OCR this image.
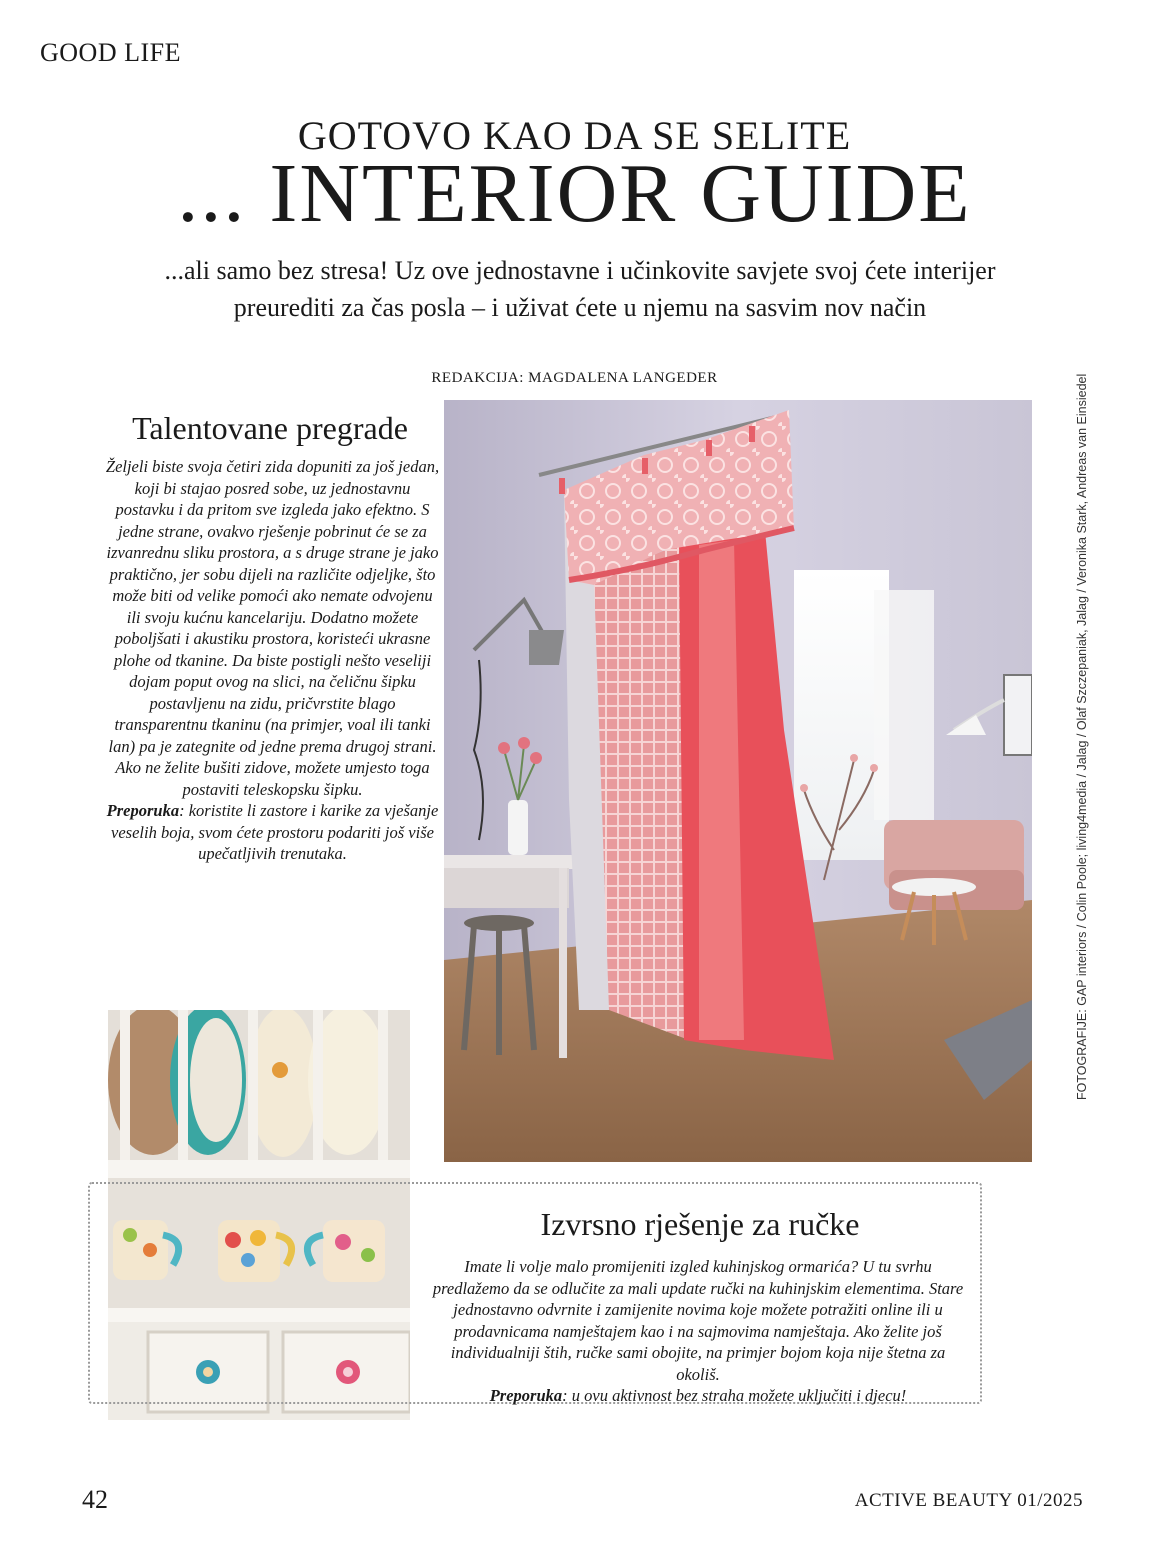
GOOD LIFE
GOTOVO KAO DA SE SELITE
... INTERIOR GUIDE
...ali samo bez stresa! Uz ove jednostavne i učinkovite savjete svoj ćete interijer preurediti za čas posla – i uživat ćete u njemu na sasvim nov način
REDAKCIJA: MAGDALENA LANGEDER
Talentovane pregrade

Željeli biste svoja četiri zida dopuniti za još jedan, koji bi stajao posred sobe, uz jednostavnu postavku i da pritom sve izgleda jako efektno. S jedne strane, ovakvo rješenje pobrinut će se za izvanrednu sliku prostora, a s druge strane je jako praktično, jer sobu dijeli na različite odjeljke, što može biti od velike pomoći ako nemate odvojenu ili svoju kućnu kancelariju. Dodatno možete poboljšati i akustiku prostora, koristeći ukrasne plohe od tkanine. Da biste postigli nešto veseliji dojam poput ovog na slici, na čeličnu šipku postavljenu na zidu, pričvrstite blago transparentnu tkaninu (na primjer, voal ili tanki lan) pa je zategnite od jedne prema drugoj strani. Ako ne želite bušiti zidove, možete umjesto toga postaviti teleskopsku šipku.

Preporuka: koristite li zastore i karike za vješanje veselih boja, svom ćete prostoru podariti još više upečatljivih trenutaka.

Izvrsno rješenje za ručke

Imate li volje malo promijeniti izgled kuhinjskog ormarića? U tu svrhu predlažemo da se odlučite za mali update ručki na kuhinjskim elementima. Stare jednostavno odvrnite i zamijenite novima koje možete potražiti online ili u prodavnicama namještajem kao i na sajmovima namještaja. Ako želite još individualniji štih, ručke sami obojite, na primjer bojom koja nije štetna za okoliš.

Preporuka: u ovu aktivnost bez straha možete uključiti i djecu!

FOTOGRAFIJE: GAP interiors / Colin Poole; living4media / Jalag / Olaf Szczepaniak, Jalag / Veronika Stark, Andreas van Einsiedel
42	ACTIVE BEAUTY 01/2025
